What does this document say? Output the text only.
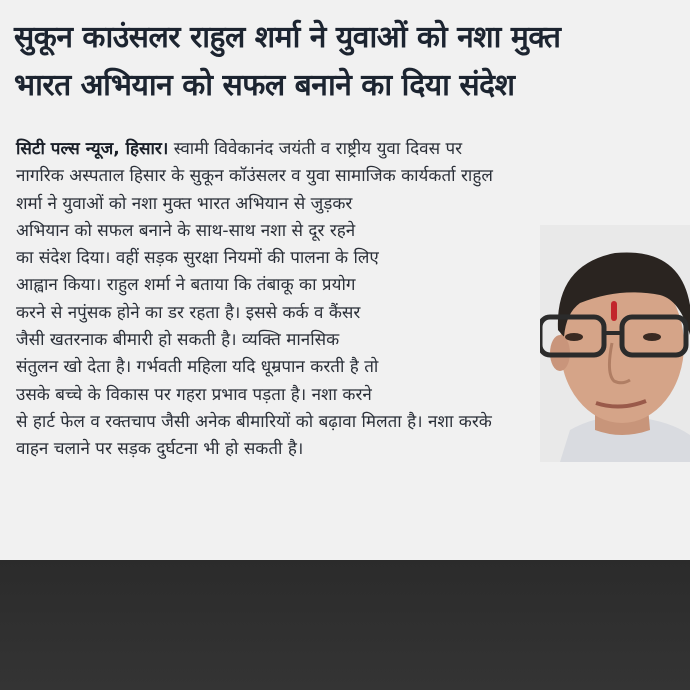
सुकून काउंसलर राहुल शर्मा ने युवाओं को नशा मुक्त
भारत अभियान को सफल बनाने का दिया संदेश
सिटी पल्स न्यूज, हिसार। स्वामी विवेकानंद जयंती व राष्ट्रीय युवा दिवस पर
नागरिक अस्पताल हिसार के सुकून कॉउंसलर व युवा सामाजिक कार्यकर्ता राहुल
शर्मा ने युवाओं को नशा मुक्त भारत अभियान से जुड़कर
अभियान को सफल बनाने के साथ-साथ नशा से दूर रहने
का संदेश दिया। वहीं सड़क सुरक्षा नियमों की पालना के लिए
आह्वान किया। राहुल शर्मा ने बताया कि तंबाकू का प्रयोग
करने से नपुंसक होने का डर रहता है। इससे कर्क व कैंसर
जैसी खतरनाक बीमारी हो सकती है। व्यक्ति मानसिक
संतुलन खो देता है। गर्भवती महिला यदि धूम्रपान करती है तो
उसके बच्चे के विकास पर गहरा प्रभाव पड़ता है। नशा करने
से हार्ट फेल व रक्तचाप जैसी अनेक बीमारियों को बढ़ावा मिलता है। नशा करके
वाहन चलाने पर सड़क दुर्घटना भी हो सकती है।
